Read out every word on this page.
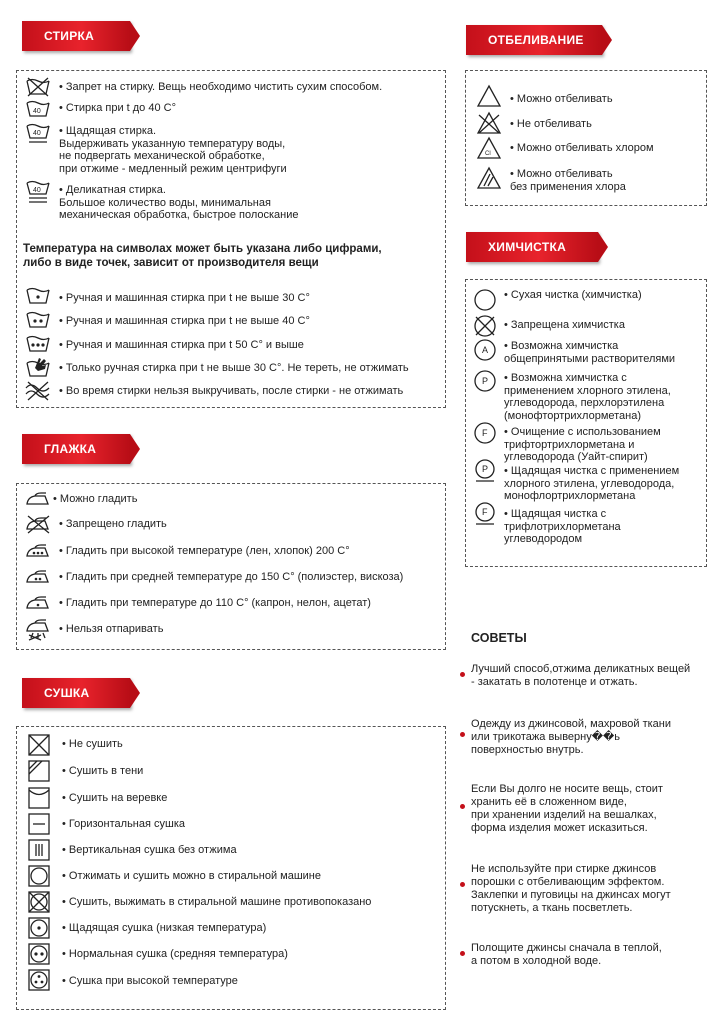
СТИРКА
• Запрет на стирку. Вещь необходимо чистить сухим способом.
40 • Стирка при t до 40 С°
40 • Щадящая стирка.
Выдерживать указанную температуру воды,
не подвергать механической обработке,
при отжиме - медленный режим центрифуги
40 • Деликатная стирка.
Большое количество воды, минимальная
механическая обработка, быстрое полоскание
Температура на символах может быть указана либо цифрами,
либо в виде точек, зависит от производителя вещи
• Ручная и машинная стирка при t не выше 30 С°
• Ручная и машинная стирка при t не выше 40 С°
• Ручная и машинная стирка при t 50 С° и выше
• Только ручная стирка при t не выше 30 С°. Не тереть, не отжимать
• Во время стирки нельзя выкручивать, после стирки - не отжимать
ГЛАЖКА
• Можно гладить
• Запрещено гладить
• Гладить при высокой температуре (лен, хлопок) 200 С°
• Гладить при средней температуре до 150 С° (полиэстер, вискоза)
• Гладить при температуре до 110 С° (капрон, нелон, ацетат)
• Нельзя отпаривать
СУШКА
• Не сушить
• Сушить в тени
• Сушить на веревке
• Горизонтальная сушка
• Вертикальная сушка без отжима
• Отжимать и сушить можно в стиральной машине
• Сушить, выжимать в стиральной машине противопоказано
• Щадящая сушка (низкая температура)
• Нормальная сушка (средняя температура)
• Сушка при высокой температуре
ОТБЕЛИВАНИЕ
• Можно отбеливать
• Не отбеливать
Cl • Можно отбеливать хлором
• Можно отбеливать
без применения хлора
ХИМЧИСТКА
• Сухая чистка (химчистка)
• Запрещена химчистка
A • Возможна химчистка
общепринятыми растворителями
P • Возможна химчистка с
применением хлорного этилена,
углеводорода, перхлорэтилена
(монофтортрихлорметана)
F • Очищение с использованием
трифтортрихлорметана и
углеводорода (Уайт-спирит)
P • Щадящая чистка с применением
хлорного этилена, углеводорода,
монофлортрихлорметана
F • Щадящая чистка с
трифлотрихлорметана
углеводородом
СОВЕТЫ
Лучший способ,отжима деликатных вещей
- закатать в полотенце и отжать.
Одежду из джинсовой, махровой ткани
или трикотажа выверну��ь
поверхностью внутрь.
Если Вы долго не носите вещь, стоит
хранить её в сложенном виде,
при хранении изделий на вешалках,
форма изделия может исказиться.
Не используйте при стирке джинсов
порошки с отбеливающим эффектом.
Заклепки и пуговицы на джинсах могут
потускнеть, а ткань посветлеть.
Полощите джинсы сначала в теплой,
а потом в холодной воде.
